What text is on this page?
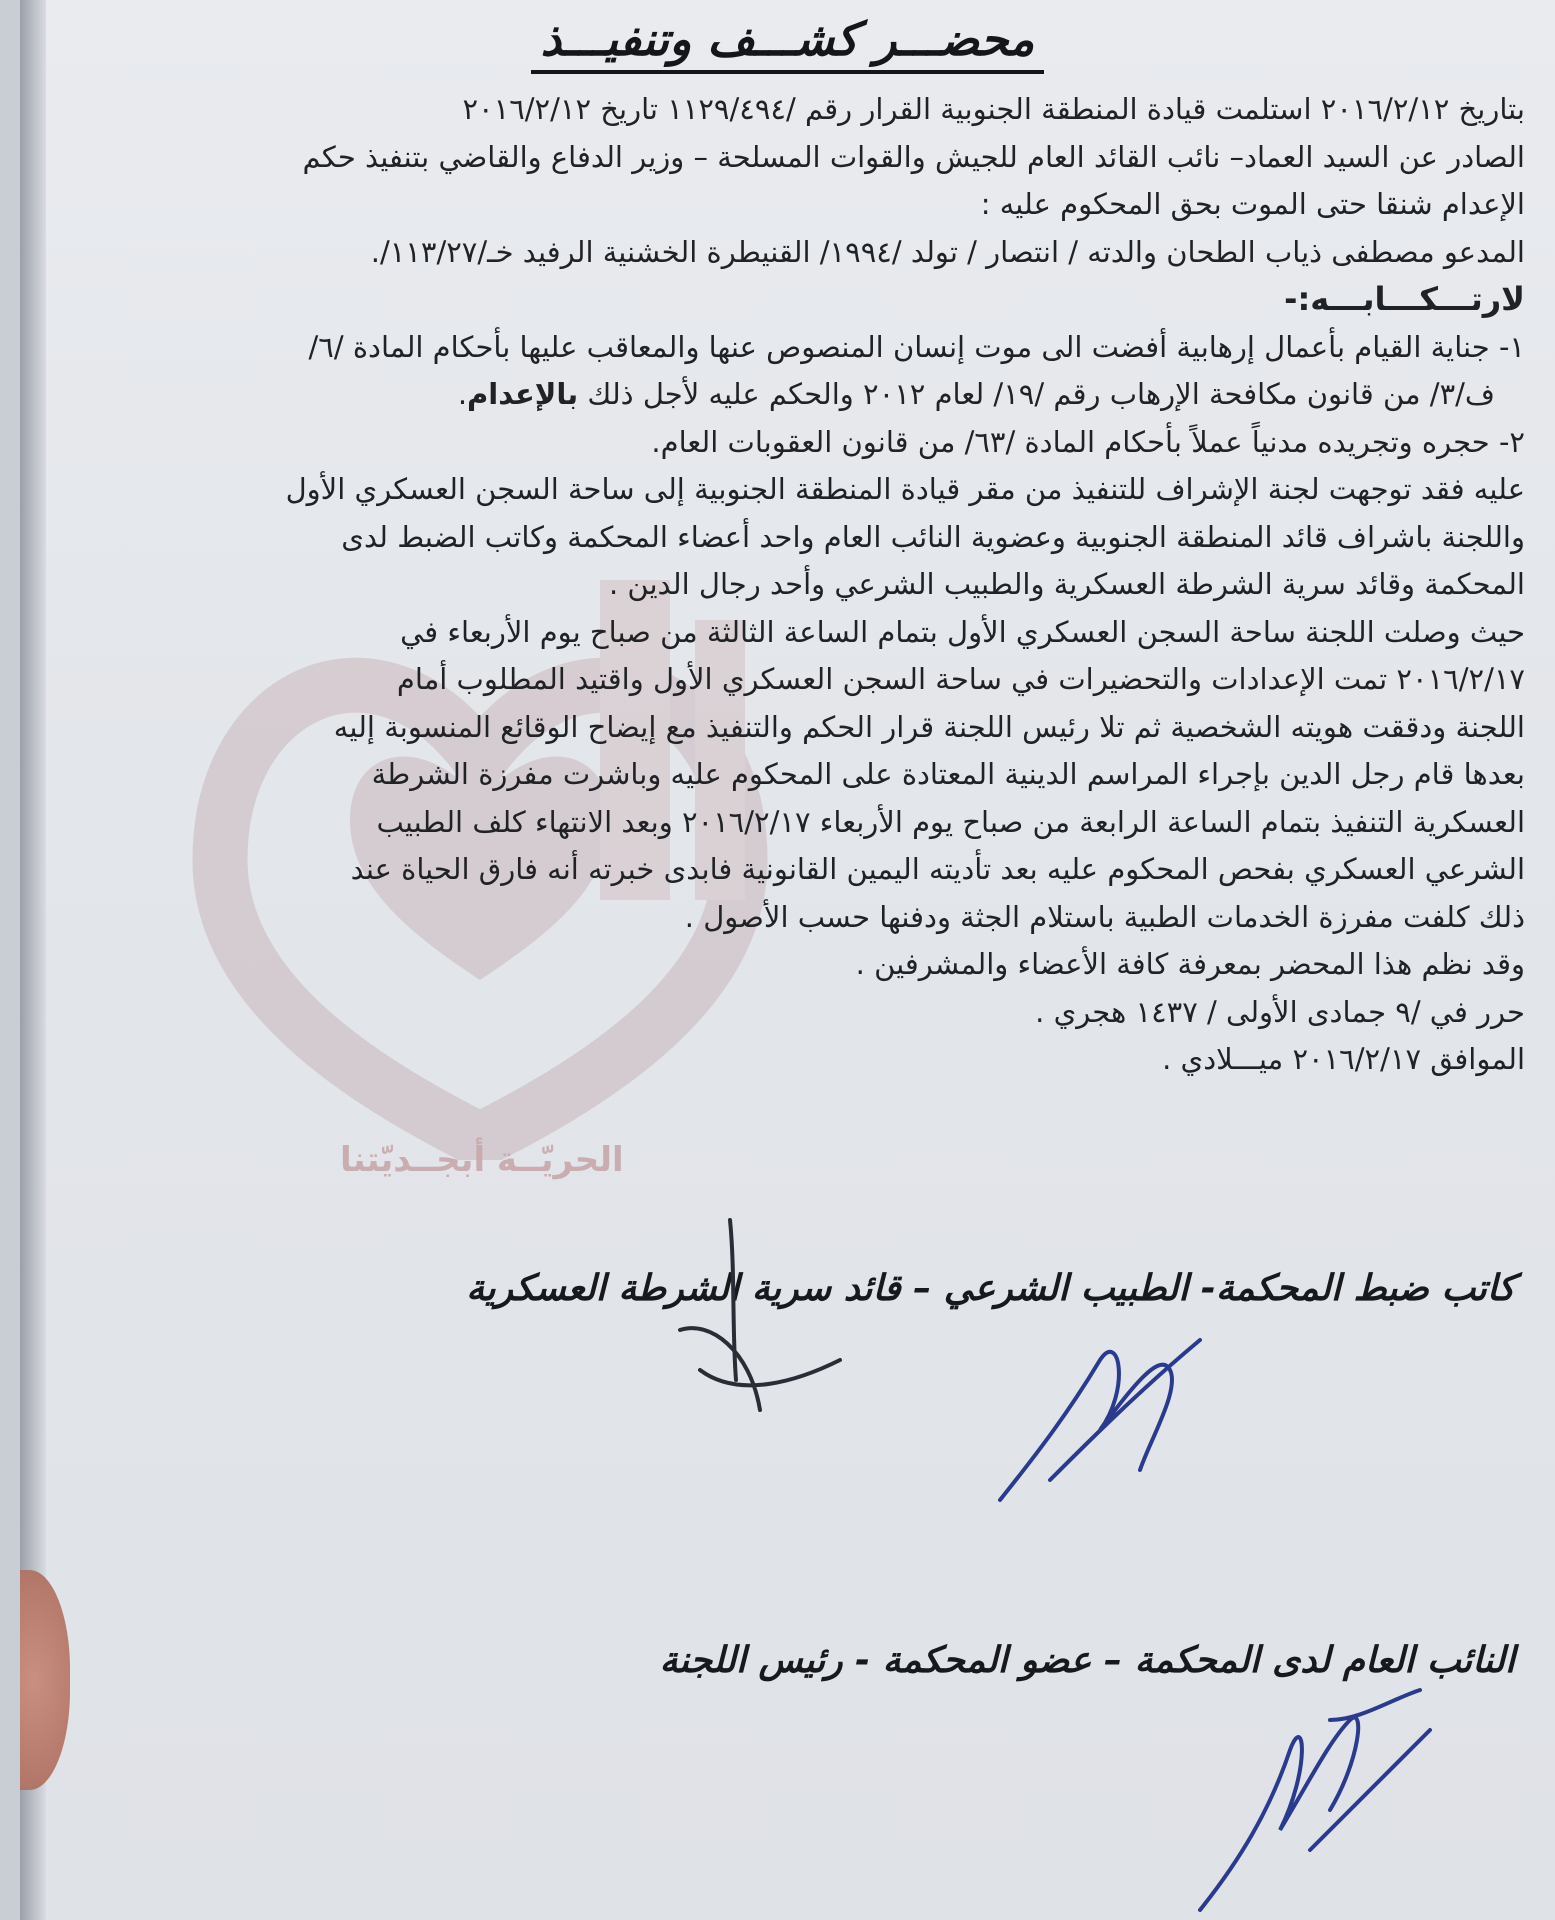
الحريّــة أبجــديّتنا
محضـــر كشـــف وتنفيـــذ
بتاريخ ٢٠١٦/٢/١٢ استلمت قيادة المنطقة الجنوبية القرار رقم /١١٢٩/٤٩٤ تاريخ ٢٠١٦/٢/١٢
الصادر عن السيد العماد– نائب القائد العام للجيش والقوات المسلحة – وزير الدفاع والقاضي بتنفيذ حكم
الإعدام شنقا حتى الموت بحق المحكوم عليه :
المدعو مصطفى ذياب الطحان والدته / انتصار / تولد /١٩٩٤/ القنيطرة الخشنية الرفيد خـ/١١٣/٢٧/.
لارتـــكـــابـــه:-
١- جناية القيام بأعمال إرهابية أفضت الى موت إنسان المنصوص عنها والمعاقب عليها بأحكام المادة /٦/
ف/٣/ من قانون مكافحة الإرهاب رقم /١٩/ لعام ٢٠١٢ والحكم عليه لأجل ذلك بالإعدام.
٢- حجره وتجريده مدنياً عملاً بأحكام المادة /٦٣/ من قانون العقوبات العام.
عليه فقد توجهت لجنة الإشراف للتنفيذ من مقر قيادة المنطقة الجنوبية إلى ساحة السجن العسكري الأول
واللجنة باشراف قائد المنطقة الجنوبية وعضوية النائب العام واحد أعضاء المحكمة وكاتب الضبط لدى
المحكمة وقائد سرية الشرطة العسكرية والطبيب الشرعي وأحد رجال الدين .
حيث وصلت اللجنة ساحة السجن العسكري الأول بتمام الساعة الثالثة من صباح يوم الأربعاء في
٢٠١٦/٢/١٧ تمت الإعدادات والتحضيرات في ساحة السجن العسكري الأول واقتيد المطلوب أمام
اللجنة ودققت هويته الشخصية ثم تلا رئيس اللجنة قرار الحكم والتنفيذ مع إيضاح الوقائع المنسوبة إليه
بعدها قام رجل الدين بإجراء المراسم الدينية المعتادة على المحكوم عليه وباشرت مفرزة الشرطة
العسكرية التنفيذ بتمام الساعة الرابعة من صباح يوم الأربعاء ٢٠١٦/٢/١٧ وبعد الانتهاء كلف الطبيب
الشرعي العسكري بفحص المحكوم عليه بعد تأديته اليمين القانونية فابدى خبرته أنه فارق الحياة عند
ذلك كلفت مفرزة الخدمات الطبية باستلام الجثة ودفنها حسب الأصول .
وقد نظم هذا المحضر بمعرفة كافة الأعضاء والمشرفين .
حرر في /٩ جمادى الأولى / ١٤٣٧ هجري .
الموافق ٢٠١٦/٢/١٧ ميـــلادي .
كاتب ضبط المحكمة- الطبيب الشرعي – قائد سرية الشرطة العسكرية
النائب العام لدى المحكمة – عضو المحكمة - رئيس اللجنة
